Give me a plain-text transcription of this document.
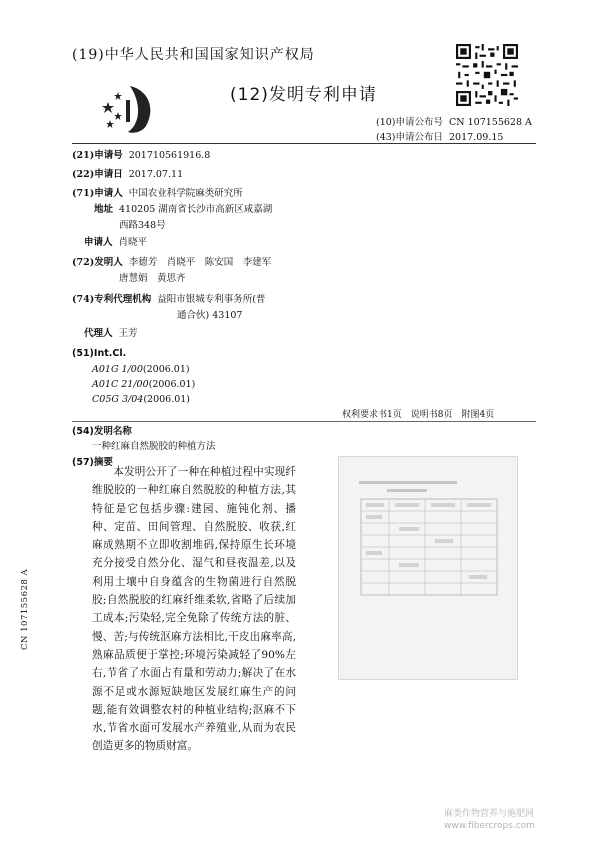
(19)中华人民共和国国家知识产权局
(12)发明专利申请
(10)申请公布号 CN 107155628 A
(43)申请公布日 2017.09.15
(21)申请号 201710561916.8
(22)申请日 2017.07.11
(71)申请人 中国农业科学院麻类研究所
地址 410205 湖南省长沙市高新区咸嘉湖
西路348号
申请人 肖晓平
(72)发明人 李德芳　肖晓平　陈安国　李建军
唐慧娟　黄思齐
(74)专利代理机构 益阳市银城专利事务所(普
通合伙) 43107
代理人 王芳
(51)Int.Cl.
A01G 1/00(2006.01)
A01C 21/00(2006.01)
C05G 3/04(2006.01)
权利要求书1页　说明书8页　附图4页
(54)发明名称
一种红麻自然脱胶的种植方法
(57)摘要
本发明公开了一种在种植过程中实现纤维脱胶的一种红麻自然脱胶的种植方法,其特征是它包括步骤:建园、施钝化剂、播种、定苗、田间管理、自然脱胶、收获,红麻成熟期不立即收割堆码,保持原生长环境充分接受自然分化、湿气和昼夜温差,以及利用土壤中自身蕴含的生物菌进行自然脱胶;自然脱胶的红麻纤维柔软,省略了后续加工成本;污染轻,完全免除了传统方法的脏、慢、苦;与传统沤麻方法相比,干皮出麻率高,熟麻品质便于掌控;环境污染减轻了90%左右,节省了水面占有量和劳动力;解决了在水源不足或水源短缺地区发展红麻生产的问题,能有效调整农村的种植业结构;沤麻不下水,节省水面可发展水产养殖业,从而为农民创造更多的物质财富。
CN 107155628 A
麻类作物营养与施肥网
www.fibercrops.com
